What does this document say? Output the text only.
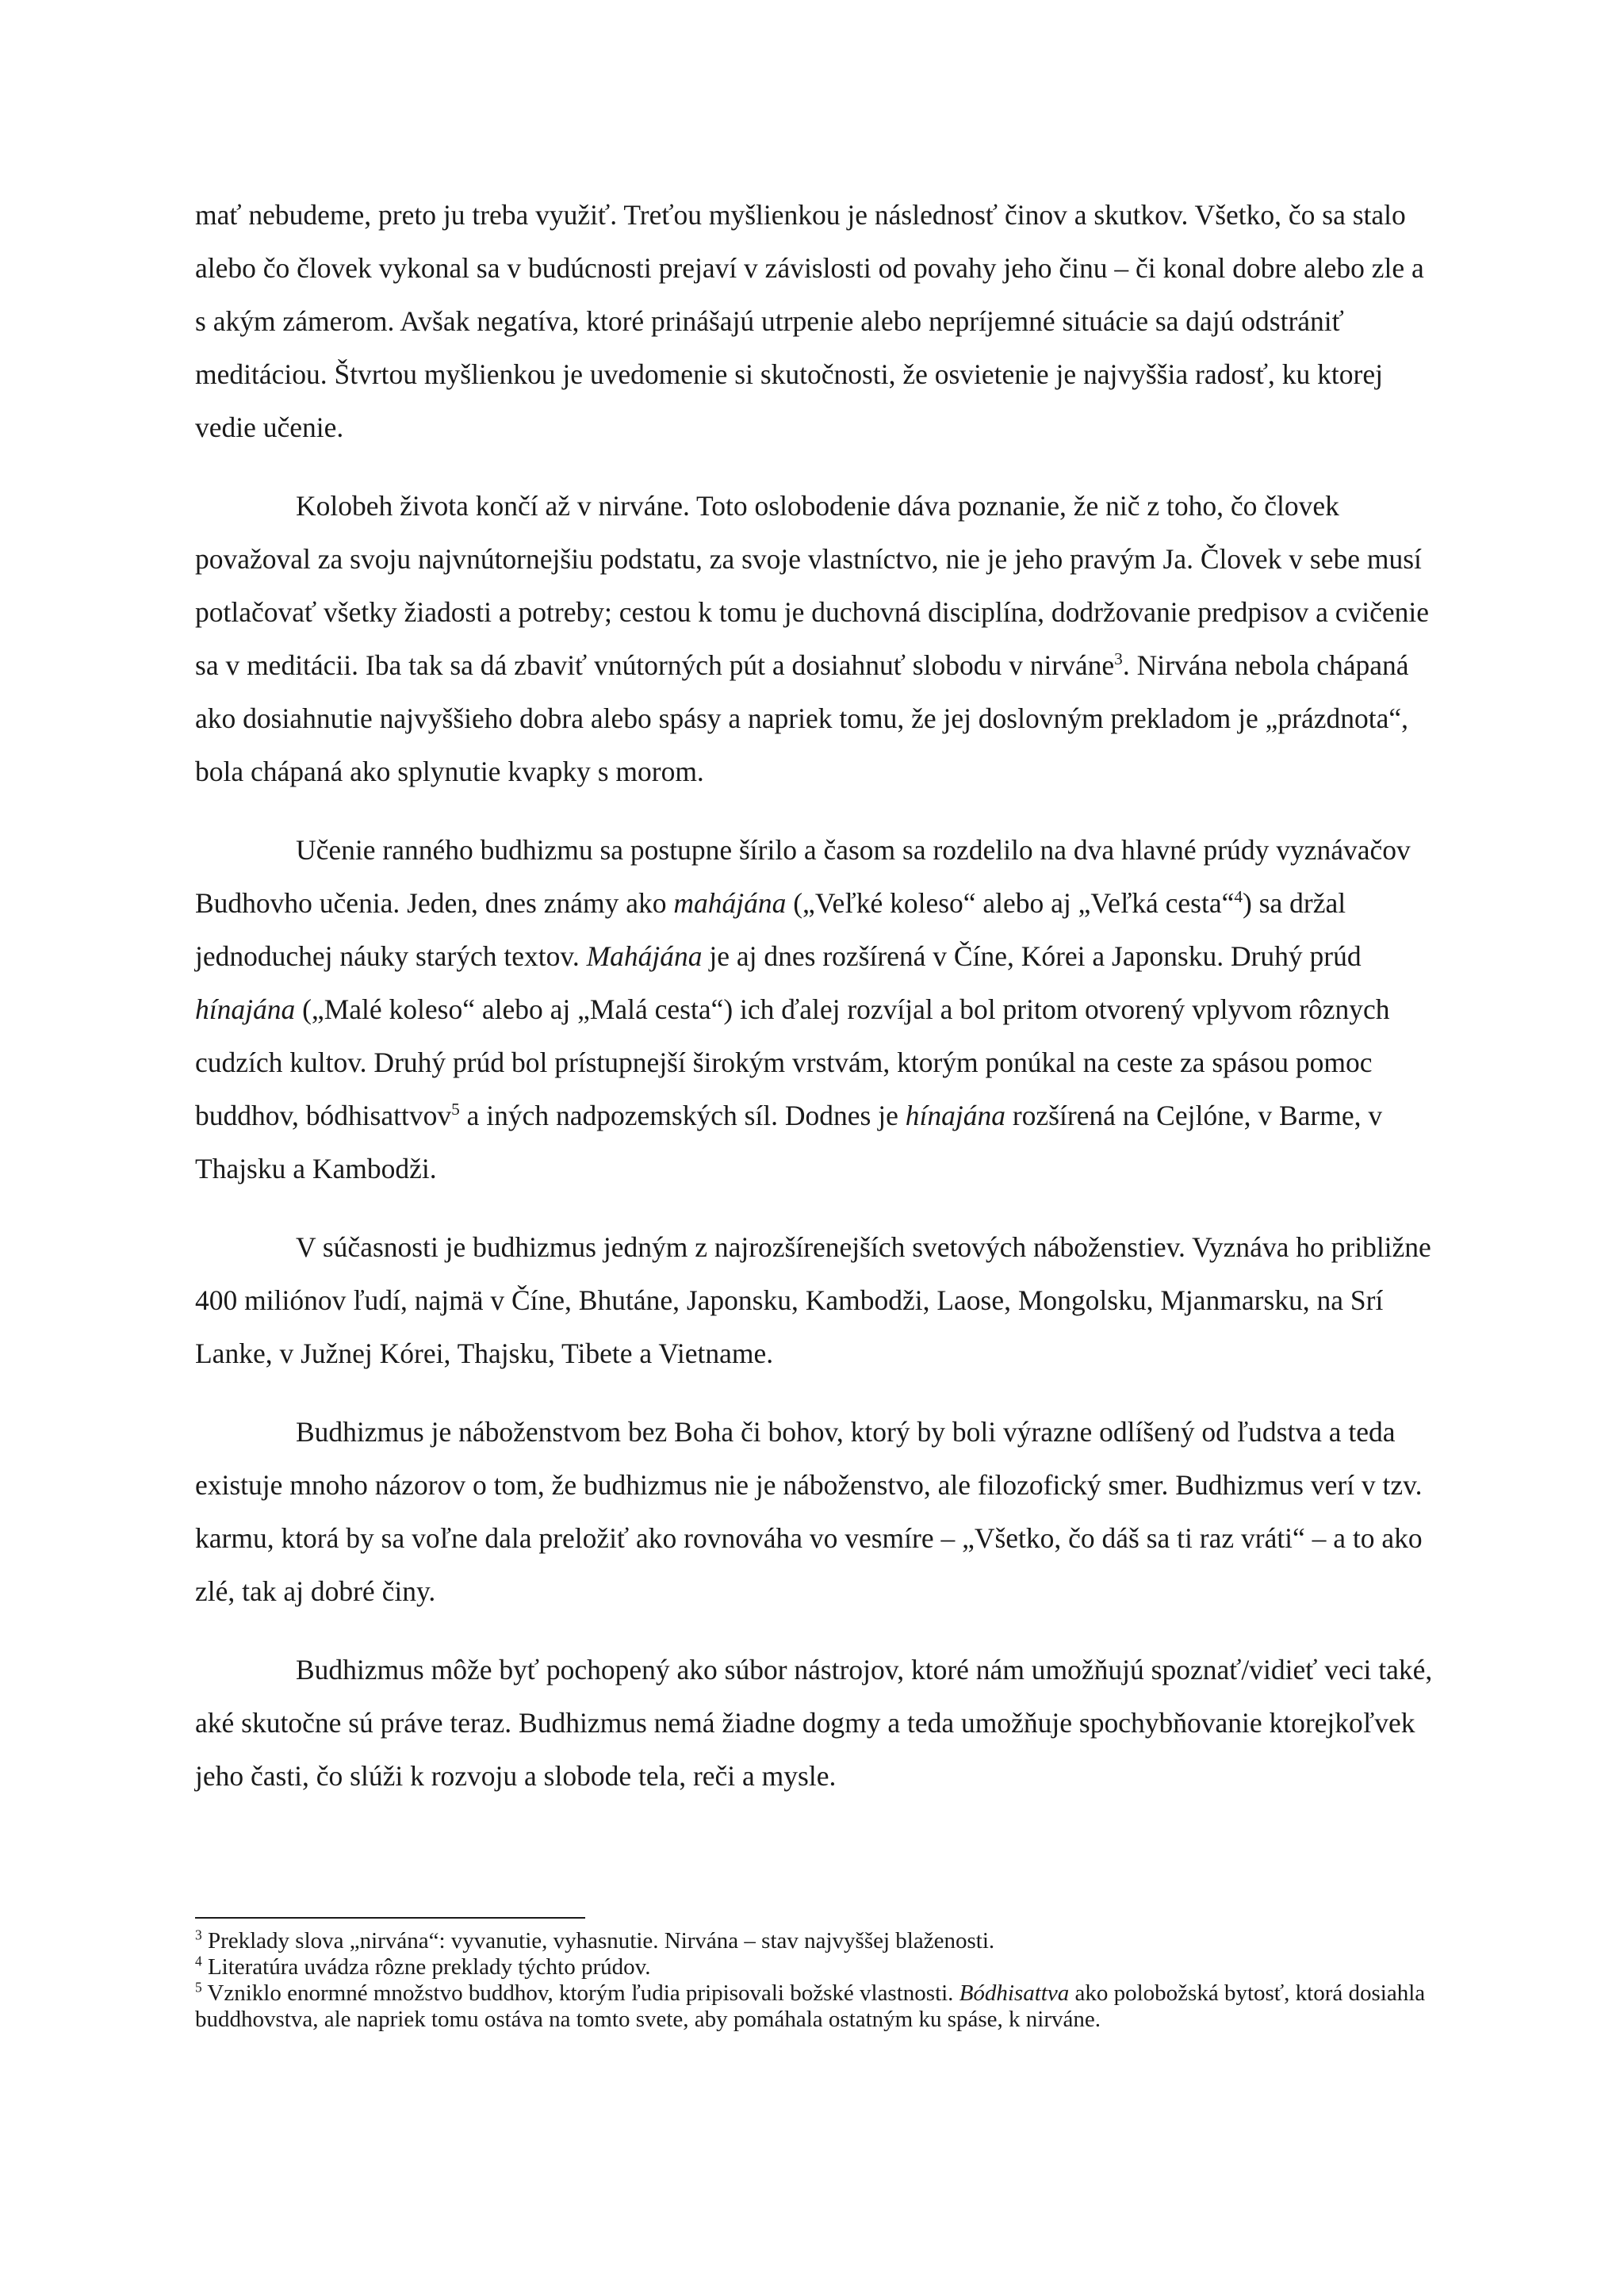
mať nebudeme, preto ju treba využiť. Treťou myšlienkou je následnosť činov a skutkov. Všetko, čo sa stalo alebo čo človek vykonal sa v budúcnosti prejaví v závislosti od povahy jeho činu – či konal dobre alebo zle a s akým zámerom. Avšak negatíva, ktoré prinášajú utrpenie alebo nepríjemné situácie sa dajú odstrániť meditáciou. Štvrtou myšlienkou je uvedomenie si skutočnosti, že osvietenie je najvyššia radosť, ku ktorej vedie učenie.

Kolobeh života končí až v nirváne. Toto oslobodenie dáva poznanie, že nič z toho, čo človek považoval za svoju najvnútornejšiu podstatu, za svoje vlastníctvo, nie je jeho pravým Ja. Človek v sebe musí potlačovať všetky žiadosti a potreby; cestou k tomu je duchovná disciplína, dodržovanie predpisov a cvičenie sa v meditácii. Iba tak sa dá zbaviť vnútorných pút a dosiahnuť slobodu v nirváne$^3$. Nirvána nebola chápaná ako dosiahnutie najvyššieho dobra alebo spásy a napriek tomu, že jej doslovným prekladom je „prázdnota“, bola chápaná ako splynutie kvapky s morom.

Učenie ranného budhizmu sa postupne šírilo a časom sa rozdelilo na dva hlavné prúdy vyznávačov Budhovho učenia. Jeden, dnes známy ako mahájána („Veľké koleso“ alebo aj „Veľká cesta“$^4$) sa držal jednoduchej náuky starých textov. Mahájána je aj dnes rozšírená v Číne, Kórei a Japonsku. Druhý prúd hínajána („Malé koleso“ alebo aj „Malá cesta“) ich ďalej rozvíjal a bol pritom otvorený vplyvom rôznych cudzích kultov. Druhý prúd bol prístupnejší širokým vrstvám, ktorým ponúkal na ceste za spásou pomoc buddhov, bódhisattvov$^5$ a iných nadpozemských síl. Dodnes je hínajána rozšírená na Cejlóne, v Barme, v Thajsku a Kambodži.

V súčasnosti je budhizmus jedným z najrozšírenejších svetových náboženstiev. Vyznáva ho približne 400 miliónov ľudí, najmä v Číne, Bhutáne, Japonsku, Kambodži, Laose, Mongolsku, Mjanmarsku, na Srí Lanke, v Južnej Kórei, Thajsku, Tibete a Vietname.

Budhizmus je náboženstvom bez Boha či bohov, ktorý by boli výrazne odlíšený od ľudstva a teda existuje mnoho názorov o tom, že budhizmus nie je náboženstvo, ale filozofický smer. Budhizmus verí v tzv. karmu, ktorá by sa voľne dala preložiť ako rovnováha vo vesmíre – „Všetko, čo dáš sa ti raz vráti“ – a to ako zlé, tak aj dobré činy.

Budhizmus môže byť pochopený ako súbor nástrojov, ktoré nám umožňujú spoznať/vidieť veci také, aké skutočne sú práve teraz. Budhizmus nemá žiadne dogmy a teda umožňuje spochybňovanie ktorejkoľvek jeho časti, čo slúži k rozvoju a slobode tela, reči a mysle.

$^3$ Preklady slova „nirvána“: vyvanutie, vyhasnutie. Nirvána – stav najvyššej blaženosti.

$^4$ Literatúra uvádza rôzne preklady týchto prúdov.

$^5$ Vzniklo enormné množstvo buddhov, ktorým ľudia pripisovali božské vlastnosti. Bódhisattva ako polobožská bytosť, ktorá dosiahla buddhovstva, ale napriek tomu ostáva na tomto svete, aby pomáhala ostatným ku spáse, k nirváne.
